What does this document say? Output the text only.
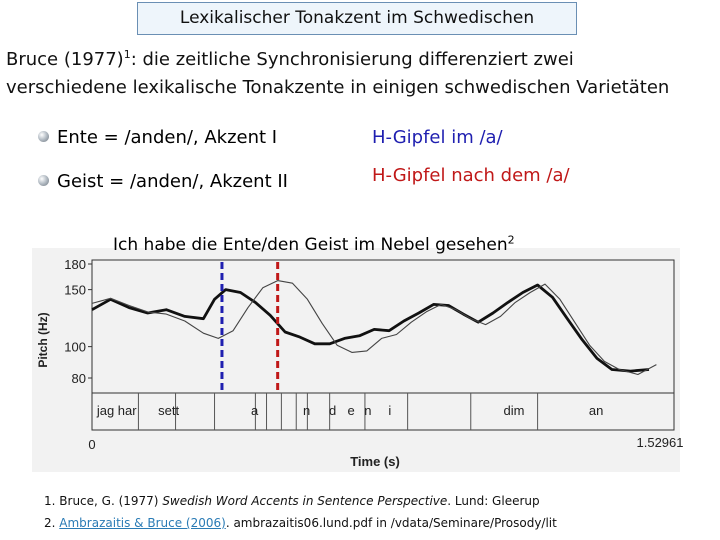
Lexikalischer Tonakzent im Schwedischen
Bruce $(1977)^1$: die zeitliche Synchronisierung differenziert zwei
verschiedene lexikalische Tonakzente in einigen schwedischen Varietäten
Ente = /anden/, Akzent I	H-Gipfel im /a/
Geist = /anden/, Akzent II	H-Gipfel nach dem /a/
Ich habe die Ente/den Geist im Nebel gesehen$^2$
jag har sett	a	n d e n i	dim	an
180
150
100
80
0	1.52961
Time (s)
Pitch (Hz)
1. Bruce, G. (1977) Swedish Word Accents in Sentence Perspective. Lund: Gleerup
2. Ambrazaitis & Bruce (2006). ambrazaitis06.lund.pdf in /vdata/Seminare/Prosody/lit
